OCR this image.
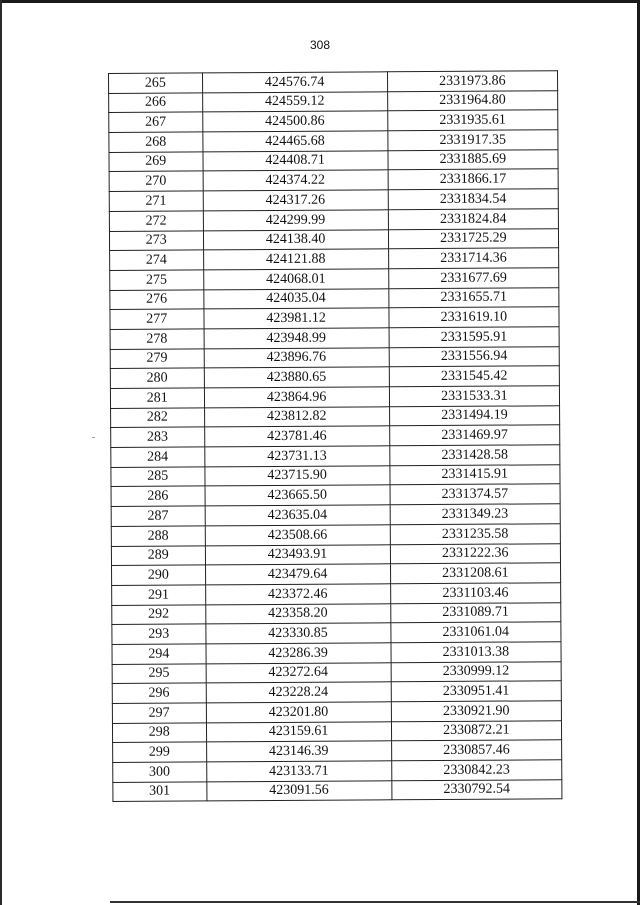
308
265	424576.74	2331973.86
266	424559.12	2331964.80
267	424500.86	2331935.61
268	424465.68	2331917.35
269	424408.71	2331885.69
270	424374.22	2331866.17
271	424317.26	2331834.54
272	424299.99	2331824.84
273	424138.40	2331725.29
274	424121.88	2331714.36
275	424068.01	2331677.69
276	424035.04	2331655.71
277	423981.12	2331619.10
278	423948.99	2331595.91
279	423896.76	2331556.94
280	423880.65	2331545.42
281	423864.96	2331533.31
282	423812.82	2331494.19
283	423781.46	2331469.97
284	423731.13	2331428.58
285	423715.90	2331415.91
286	423665.50	2331374.57
287	423635.04	2331349.23
288	423508.66	2331235.58
289	423493.91	2331222.36
290	423479.64	2331208.61
291	423372.46	2331103.46
292	423358.20	2331089.71
293	423330.85	2331061.04
294	423286.39	2331013.38
295	423272.64	2330999.12
296	423228.24	2330951.41
297	423201.80	2330921.90
298	423159.61	2330872.21
299	423146.39	2330857.46
300	423133.71	2330842.23
301	423091.56	2330792.54
